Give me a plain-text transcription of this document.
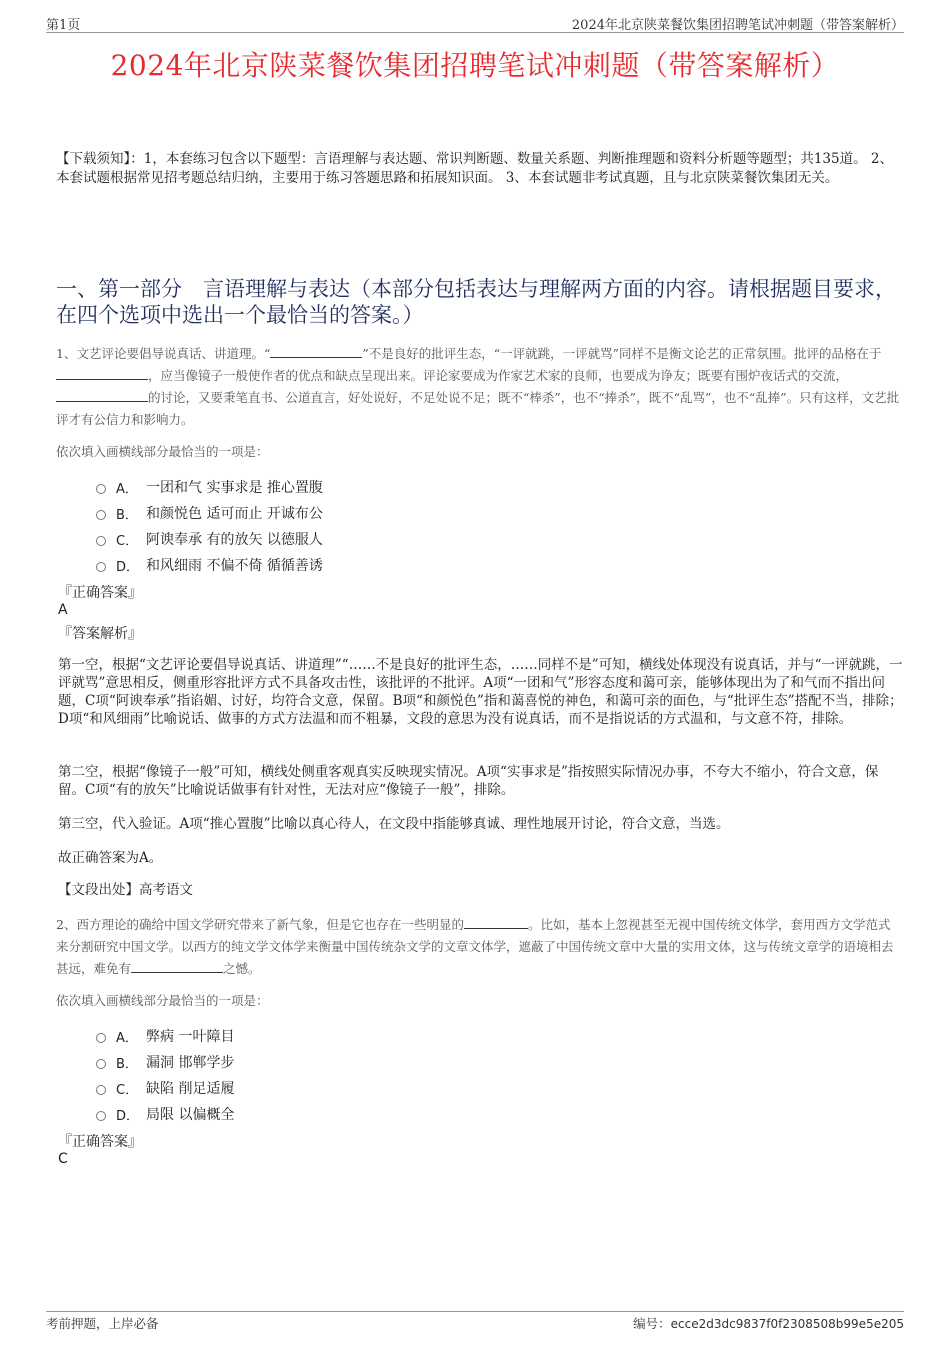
第1页	2024年北京陕菜餐饮集团招聘笔试冲刺题（带答案解析）
2024年北京陕菜餐饮集团招聘笔试冲刺题（带答案解析）
【下载须知】：1，本套练习包含以下题型：言语理解与表达题、常识判断题、数量关系题、判断推理题和资料分析题等题型；共135道。 2、本套试题根据常见招考题总结归纳，主要用于练习答题思路和拓展知识面。 3、本套试题非考试真题，且与北京陕菜餐饮集团无关。
一、第一部分　言语理解与表达（本部分包括表达与理解两方面的内容。请根据题目要求，在四个选项中选出一个最恰当的答案。）
1、文艺评论要倡导说真话、讲道理。“	”不是良好的批评生态，“一评就跳，一评就骂”同样不是衡文论艺的正常氛围。批评的品格在于，应当像镜子一般使作者的优点和缺点呈现出来。评论家要成为作家艺术家的良师，也要成为诤友；既要有围炉夜话式的交流，的讨论，又要秉笔直书、公道直言，好处说好，不足处说不足；既不“棒杀”，也不“捧杀”，既不“乱骂”，也不“乱捧”。只有这样，文艺批评才有公信力和影响力。
依次填入画横线部分最恰当的一项是：
A． 一团和气 实事求是 推心置腹
B． 和颜悦色 适可而止 开诚布公
C． 阿谀奉承 有的放矢 以德服人
D． 和风细雨 不偏不倚 循循善诱
『正确答案』
A
『答案解析』
第一空，根据“文艺评论要倡导说真话、讲道理”“……不是良好的批评生态，……同样不是”可知，横线处体现没有说真话，并与“一评就跳，一评就骂”意思相反，侧重形容批评方式不具备攻击性，该批评的不批评。A项“一团和气”形容态度和蔼可亲，能够体现出为了和气而不指出问题，C项“阿谀奉承”指谄媚、讨好，均符合文意，保留。B项“和颜悦色”指和蔼喜悦的神色，和蔼可亲的面色，与“批评生态”搭配不当，排除；D项“和风细雨”比喻说话、做事的方式方法温和而不粗暴，文段的意思为没有说真话，而不是指说话的方式温和，与文意不符，排除。
第二空，根据“像镜子一般”可知，横线处侧重客观真实反映现实情况。A项“实事求是”指按照实际情况办事，不夸大不缩小，符合文意，保留。C项“有的放矢”比喻说话做事有针对性，无法对应“像镜子一般”，排除。
第三空，代入验证。A项“推心置腹”比喻以真心待人，在文段中指能够真诚、理性地展开讨论，符合文意，当选。
故正确答案为A。
【文段出处】高考语文
2、西方理论的确给中国文学研究带来了新气象，但是它也存在一些明显的	。比如，基本上忽视甚至无视中国传统文体学，套用西方文学范式来分割研究中国文学。以西方的纯文学文体学来衡量中国传统杂文学的文章文体学，遮蔽了中国传统文章中大量的实用文体，这与传统文章学的语境相去甚远，难免有	之憾。
依次填入画横线部分最恰当的一项是：
A． 弊病 一叶障目
B． 漏洞 邯郸学步
C． 缺陷 削足适履
D． 局限 以偏概全
『正确答案』
C
考前押题，上岸必备	编号：ecce2d3dc9837f0f2308508b99e5e205
